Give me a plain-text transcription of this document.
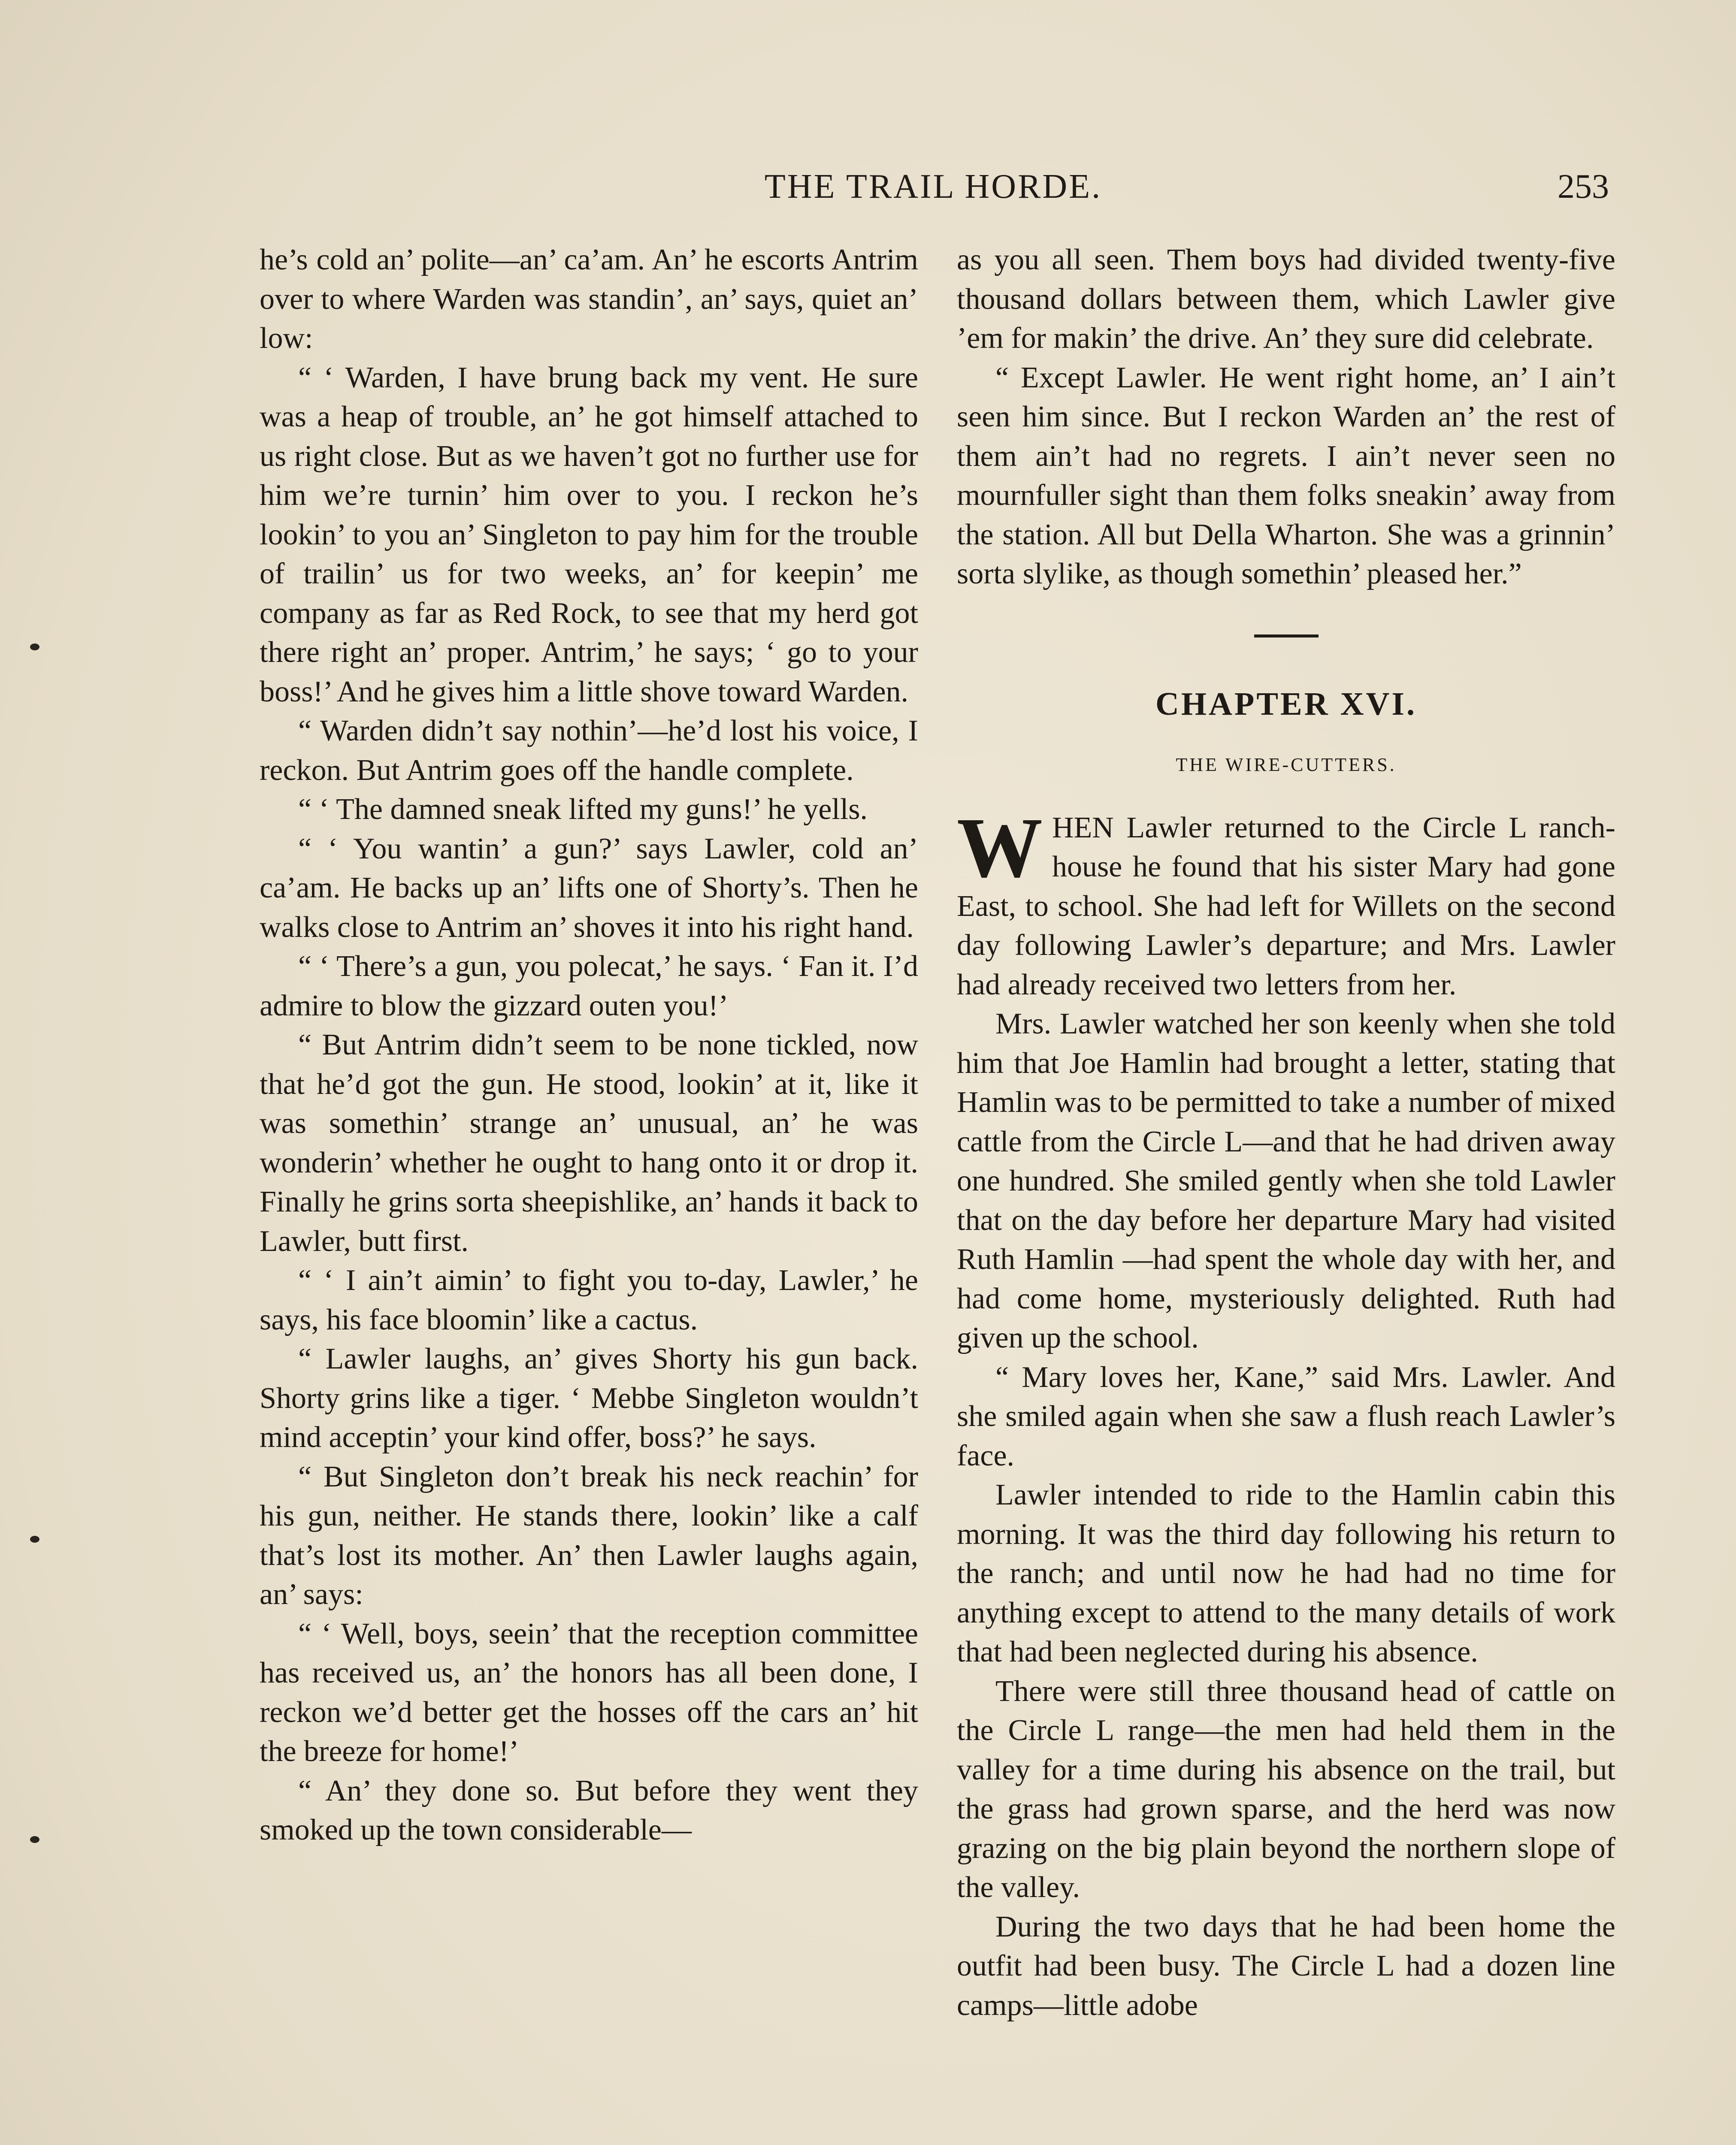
THE TRAIL HORDE.	253

he’s cold an’ polite—an’ ca’am. An’ he escorts Antrim over to where Warden was standin’, an’ says, quiet an’ low:

“ ‘ Warden, I have brung back my vent. He sure was a heap of trouble, an’ he got himself attached to us right close. But as we haven’t got no further use for him we’re turnin’ him over to you. I reckon he’s lookin’ to you an’ Singleton to pay him for the trouble of trailin’ us for two weeks, an’ for keepin’ me company as far as Red Rock, to see that my herd got there right an’ proper. Antrim,’ he says; ‘ go to your boss!’ And he gives him a little shove toward Warden.

“ Warden didn’t say nothin’—he’d lost his voice, I reckon. But Antrim goes off the handle complete.

“ ‘ The damned sneak lifted my guns!’ he yells.

“ ‘ You wantin’ a gun?’ says Lawler, cold an’ ca’am. He backs up an’ lifts one of Shorty’s. Then he walks close to Antrim an’ shoves it into his right hand.

“ ‘ There’s a gun, you polecat,’ he says. ‘ Fan it. I’d admire to blow the gizzard outen you!’

“ But Antrim didn’t seem to be none tickled, now that he’d got the gun. He stood, lookin’ at it, like it was somethin’ strange an’ unusual, an’ he was wonderin’ whether he ought to hang onto it or drop it. Finally he grins sorta sheepishlike, an’ hands it back to Lawler, butt first.

“ ‘ I ain’t aimin’ to fight you to-day, Lawler,’ he says, his face bloomin’ like a cactus.

“ Lawler laughs, an’ gives Shorty his gun back. Shorty grins like a tiger. ‘ Mebbe Singleton wouldn’t mind acceptin’ your kind offer, boss?’ he says.

“ But Singleton don’t break his neck reachin’ for his gun, neither. He stands there, lookin’ like a calf that’s lost its mother. An’ then Lawler laughs again, an’ says:

“ ‘ Well, boys, seein’ that the reception committee has received us, an’ the honors has all been done, I reckon we’d better get the hosses off the cars an’ hit the breeze for home!’

“ An’ they done so. But before they went they smoked up the town considerable—

as you all seen. Them boys had divided twenty-five thousand dollars between them, which Lawler give ’em for makin’ the drive. An’ they sure did celebrate.

“ Except Lawler. He went right home, an’ I ain’t seen him since. But I reckon Warden an’ the rest of them ain’t had no regrets. I ain’t never seen no mournfuller sight than them folks sneakin’ away from the station. All but Della Wharton. She was a grinnin’ sorta slylike, as though somethin’ pleased her.”

CHAPTER XVI.
THE WIRE-CUTTERS.

WHEN Lawler returned to the Circle L ranch-house he found that his sister Mary had gone East, to school. She had left for Willets on the second day following Lawler’s departure; and Mrs. Lawler had already received two letters from her.

Mrs. Lawler watched her son keenly when she told him that Joe Hamlin had brought a letter, stating that Hamlin was to be permitted to take a number of mixed cattle from the Circle L—and that he had driven away one hundred. She smiled gently when she told Lawler that on the day before her departure Mary had visited Ruth Hamlin —had spent the whole day with her, and had come home, mysteriously delighted. Ruth had given up the school.

“ Mary loves her, Kane,” said Mrs. Lawler. And she smiled again when she saw a flush reach Lawler’s face.

Lawler intended to ride to the Hamlin cabin this morning. It was the third day following his return to the ranch; and until now he had had no time for anything except to attend to the many details of work that had been neglected during his absence.

There were still three thousand head of cattle on the Circle L range—the men had held them in the valley for a time during his absence on the trail, but the grass had grown sparse, and the herd was now grazing on the big plain beyond the northern slope of the valley.

During the two days that he had been home the outfit had been busy. The Circle L had a dozen line camps—little adobe
